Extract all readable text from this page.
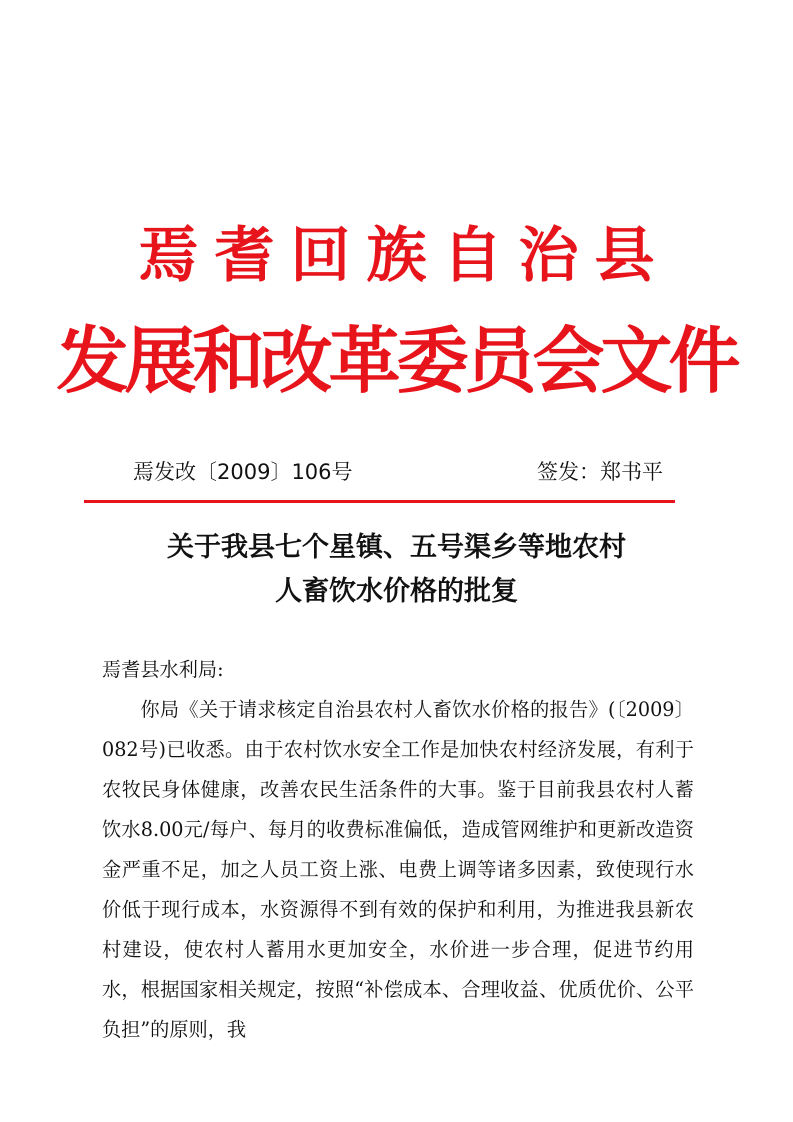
焉耆回族自治县
发展和改革委员会文件
焉发改〔2009〕106号	签发：郑书平
关于我县七个星镇、五号渠乡等地农村
人畜饮水价格的批复

焉耆县水利局:

你局《关于请求核定自治县农村人畜饮水价格的报告》(〔2009〕082号)已收悉。由于农村饮水安全工作是加快农村经济发展，有利于农牧民身体健康，改善农民生活条件的大事。鉴于目前我县农村人蓄饮水8.00元/每户、每月的收费标准偏低，造成管网维护和更新改造资金严重不足，加之人员工资上涨、电费上调等诸多因素，致使现行水价低于现行成本，水资源得不到有效的保护和利用，为推进我县新农村建设，使农村人蓄用水更加安全，水价进一步合理，促进节约用水，根据国家相关规定，按照“补偿成本、合理收益、优质优价、公平负担”的原则，我
